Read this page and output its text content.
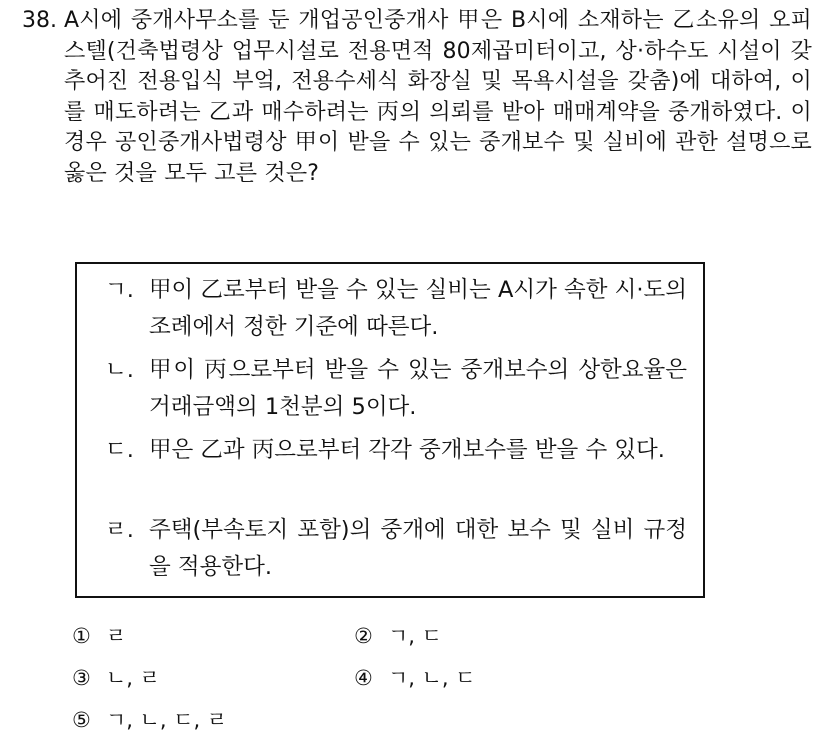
38. A시에 중개사무소를 둔 개업공인중개사 甲은 B시에 소재하는 乙소유의 오피스텔(건축법령상 업무시설로 전용면적 80제곱미터이고, 상·하수도 시설이 갖추어진 전용입식 부엌, 전용수세식 화장실 및 목욕시설을 갖춤)에 대하여, 이를 매도하려는 乙과 매수하려는 丙의 의뢰를 받아 매매계약을 중개하였다. 이 경우 공인중개사법령상 甲이 받을 수 있는 중개보수 및 실비에 관한 설명으로 옳은 것을 모두 고른 것은?
ㄱ. 甲이 乙로부터 받을 수 있는 실비는 A시가 속한 시·도의 조례에서 정한 기준에 따른다.
ㄴ. 甲이 丙으로부터 받을 수 있는 중개보수의 상한요율은 거래금액의 1천분의 5이다.
ㄷ. 甲은 乙과 丙으로부터 각각 중개보수를 받을 수 있다.
ㄹ. 주택(부속토지 포함)의 중개에 대한 보수 및 실비 규정을 적용한다.
① ㄹ	② ㄱ, ㄷ
③ ㄴ, ㄹ	④ ㄱ, ㄴ, ㄷ
⑤ ㄱ, ㄴ, ㄷ, ㄹ
